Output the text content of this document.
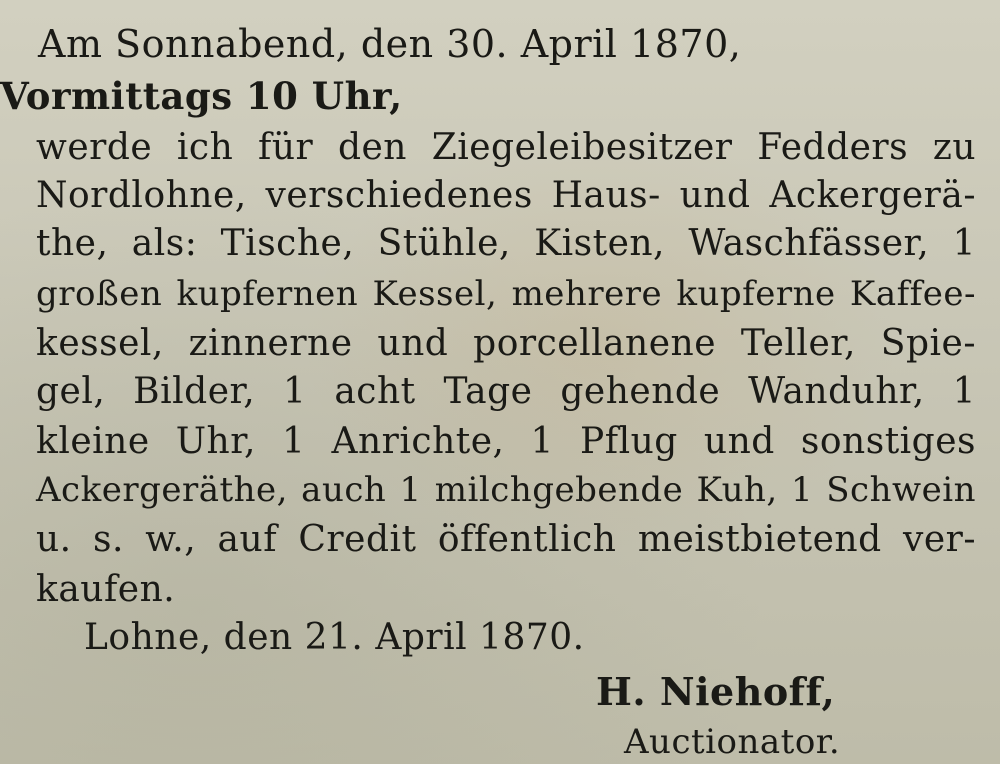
Am Sonnabend, den 30. April 1870,
Vormittags 10 Uhr,
werde ich für den Ziegeleibesitzer Fedders zu
Nordlohne, verschiedenes Haus- und Ackergerä-
the, als: Tische, Stühle, Kisten, Waschfässer, 1
großen kupfernen Kessel, mehrere kupferne Kaffee-
kessel, zinnerne und porcellanene Teller, Spie-
gel, Bilder, 1 acht Tage gehende Wanduhr, 1
kleine Uhr, 1 Anrichte, 1 Pflug und sonstiges
Ackergeräthe, auch 1 milchgebende Kuh, 1 Schwein
u. s. w., auf Credit öffentlich meistbietend ver-
kaufen.
Lohne, den 21. April 1870.
H. Niehoff,
Auctionator.
